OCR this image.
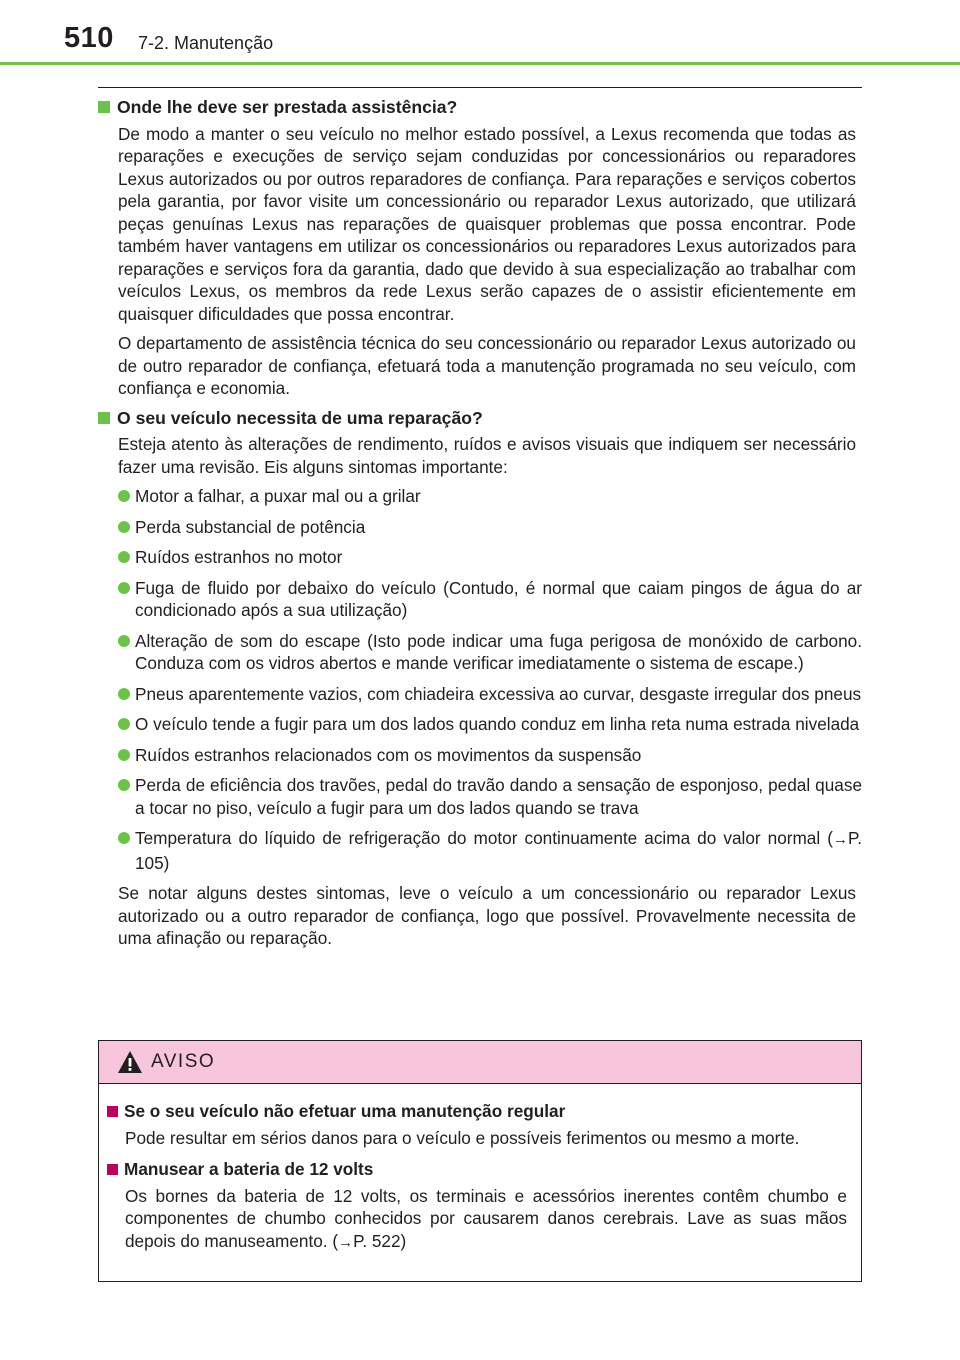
510 7-2. Manutenção
Onde lhe deve ser prestada assistência?

De modo a manter o seu veículo no melhor estado possível, a Lexus recomenda que todas as reparações e execuções de serviço sejam conduzidas por concessionários ou reparadores Lexus autorizados ou por outros reparadores de confiança. Para reparações e serviços cobertos pela garantia, por favor visite um concessionário ou reparador Lexus autorizado, que utilizará peças genuínas Lexus nas reparações de quaisquer problemas que possa encontrar. Pode também haver vantagens em utilizar os concessionários ou reparadores Lexus autorizados para reparações e serviços fora da garantia, dado que devido à sua especialização ao trabalhar com veículos Lexus, os membros da rede Lexus serão capazes de o assistir eficientemente em quaisquer dificuldades que possa encontrar.

O departamento de assistência técnica do seu concessionário ou reparador Lexus autorizado ou de outro reparador de confiança, efetuará toda a manutenção programada no seu veículo, com confiança e economia.

O seu veículo necessita de uma reparação?

Esteja atento às alterações de rendimento, ruídos e avisos visuais que indiquem ser necessário fazer uma revisão. Eis alguns sintomas importante:

Motor a falhar, a puxar mal ou a grilar
Perda substancial de potência
Ruídos estranhos no motor
Fuga de fluido por debaixo do veículo (Contudo, é normal que caiam pingos de água do ar condicionado após a sua utilização)
Alteração de som do escape (Isto pode indicar uma fuga perigosa de monóxido de carbono. Conduza com os vidros abertos e mande verificar imediatamente o sistema de escape.)
Pneus aparentemente vazios, com chiadeira excessiva ao curvar, desgaste irregular dos pneus
O veículo tende a fugir para um dos lados quando conduz em linha reta numa estrada nivelada
Ruídos estranhos relacionados com os movimentos da suspensão
Perda de eficiência dos travões, pedal do travão dando a sensação de esponjoso, pedal quase a tocar no piso, veículo a fugir para um dos lados quando se trava
Temperatura do líquido de refrigeração do motor continuamente acima do valor normal (→P. 105)

Se notar alguns destes sintomas, leve o veículo a um concessionário ou reparador Lexus autorizado ou a outro reparador de confiança, logo que possível. Provavelmente necessita de uma afinação ou reparação.

AVISO
Se o seu veículo não efetuar uma manutenção regular

Pode resultar em sérios danos para o veículo e possíveis ferimentos ou mesmo a morte.

Manusear a bateria de 12 volts

Os bornes da bateria de 12 volts, os terminais e acessórios inerentes contêm chumbo e componentes de chumbo conhecidos por causarem danos cerebrais. Lave as suas mãos depois do manuseamento. (→P. 522)
